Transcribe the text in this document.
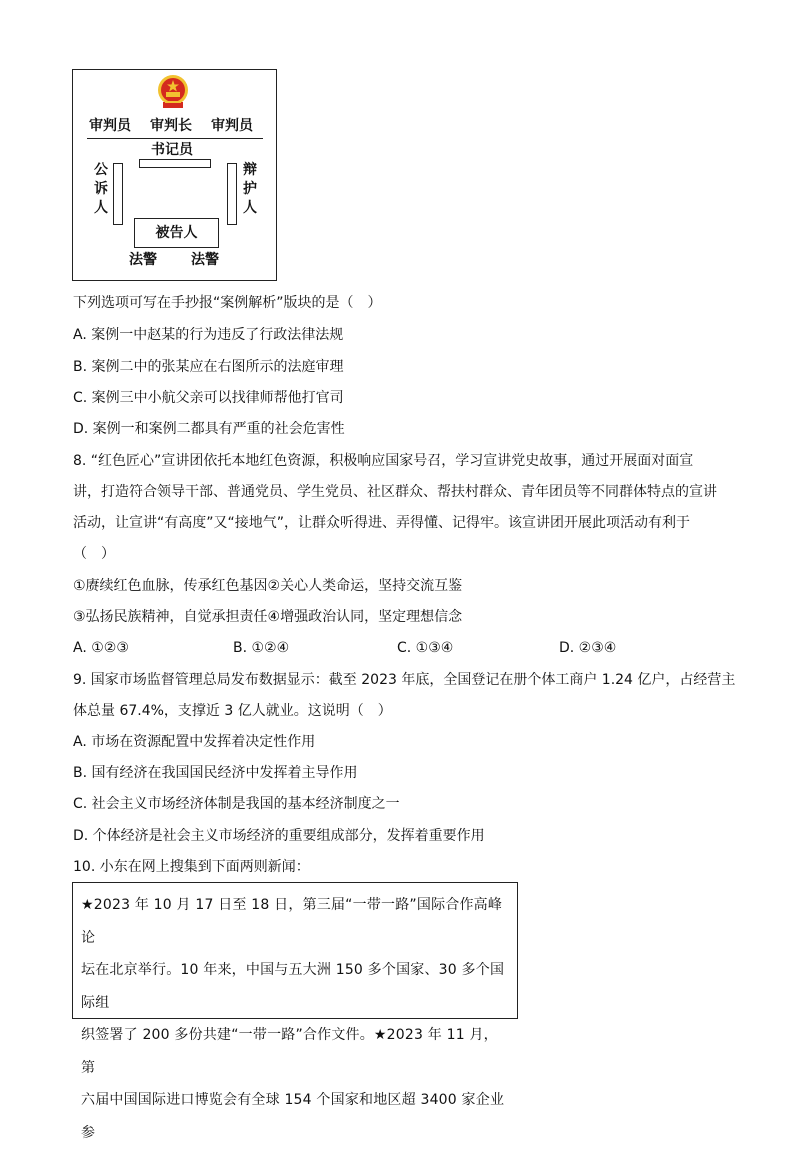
审判员 审判长 审判员
书记员
公
诉
人
辩
护
人
被告人
法警 法警
下列选项可写在手抄报“案例解析”版块的是（　）
A. 案例一中赵某的行为违反了行政法律法规
B. 案例二中的张某应在右图所示的法庭审理
C. 案例三中小航父亲可以找律师帮他打官司
D. 案例一和案例二都具有严重的社会危害性
8. “红色匠心”宣讲团依托本地红色资源，积极响应国家号召，学习宣讲党史故事，通过开展面对面宣
讲，打造符合领导干部、普通党员、学生党员、社区群众、帮扶村群众、青年团员等不同群体特点的宣讲
活动，让宣讲“有高度”又“接地气”，让群众听得进、弄得懂、记得牢。该宣讲团开展此项活动有利于
（　）
①赓续红色血脉，传承红色基因②关心人类命运，坚持交流互鉴
③弘扬民族精神，自觉承担责任④增强政治认同，坚定理想信念
A. ①②③	B. ①②④	C. ①③④	D. ②③④
9. 国家市场监督管理总局发布数据显示：截至 2023 年底，全国登记在册个体工商户 1.24 亿户，占经营主
体总量 67.4%，支撑近 3 亿人就业。这说明（　）
A. 市场在资源配置中发挥着决定性作用
B. 国有经济在我国国民经济中发挥着主导作用
C. 社会主义市场经济体制是我国的基本经济制度之一
D. 个体经济是社会主义市场经济的重要组成部分，发挥着重要作用
10. 小东在网上搜集到下面两则新闻：
★2023 年 10 月 17 日至 18 日，第三届“一带一路”国际合作高峰论
坛在北京举行。10 年来，中国与五大洲 150 多个国家、30 多个国际组
织签署了 200 多份共建“一带一路”合作文件。★2023 年 11 月，第
六届中国国际进口博览会有全球 154 个国家和地区超 3400 家企业参
